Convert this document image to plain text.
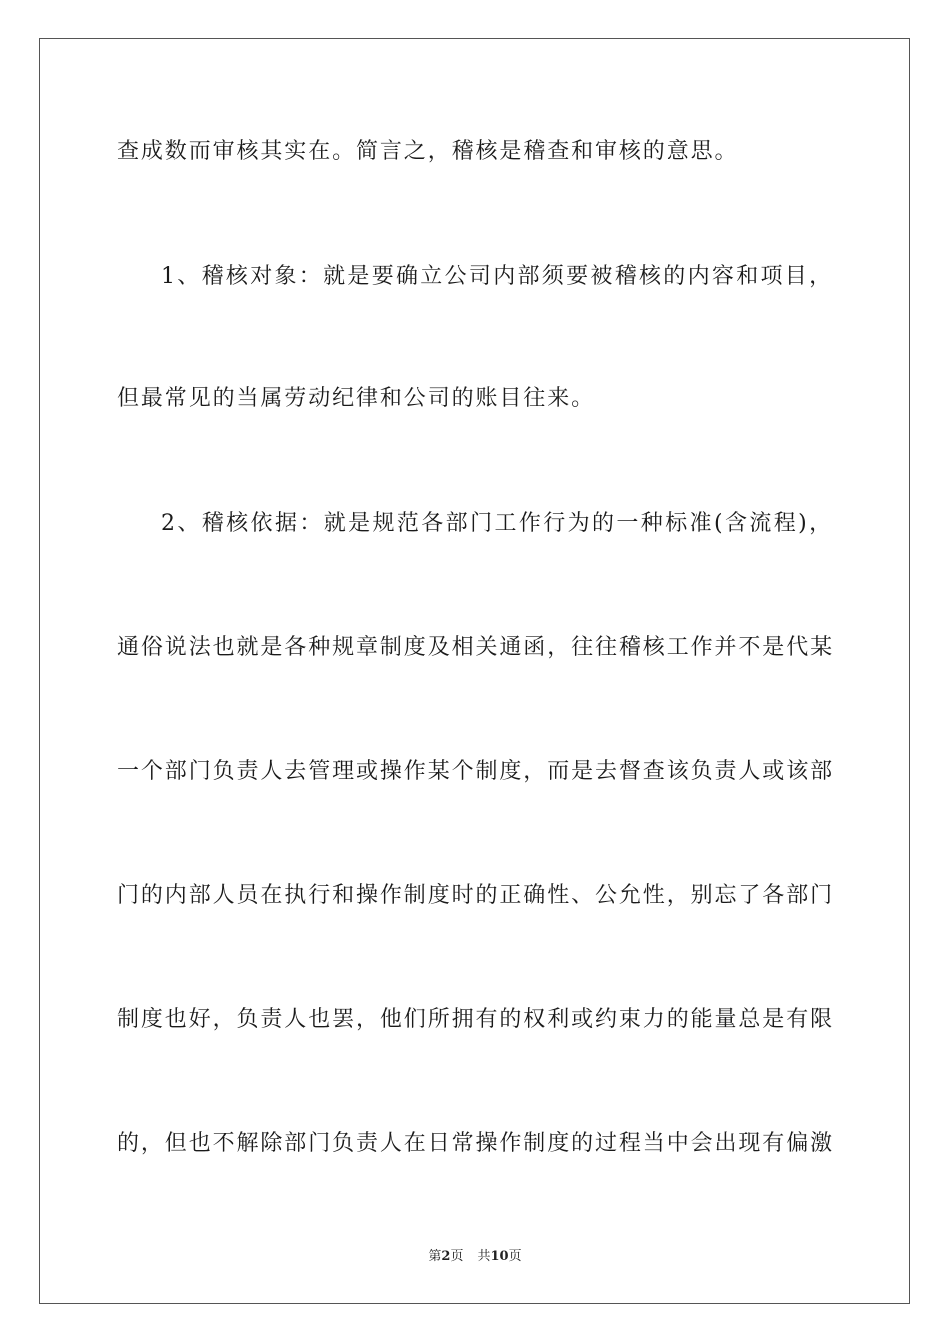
查成数而审核其实在。简言之，稽核是稽查和审核的意思。
1、稽核对象：就是要确立公司内部须要被稽核的内容和项目，
但最常见的当属劳动纪律和公司的账目往来。
2、稽核依据：就是规范各部门工作行为的一种标准(含流程)，
通俗说法也就是各种规章制度及相关通函，往往稽核工作并不是代某
一个部门负责人去管理或操作某个制度，而是去督查该负责人或该部
门的内部人员在执行和操作制度时的正确性、公允性，别忘了各部门
制度也好，负责人也罢，他们所拥有的权利或约束力的能量总是有限
的，但也不解除部门负责人在日常操作制度的过程当中会出现有偏激
第2页 共10页
